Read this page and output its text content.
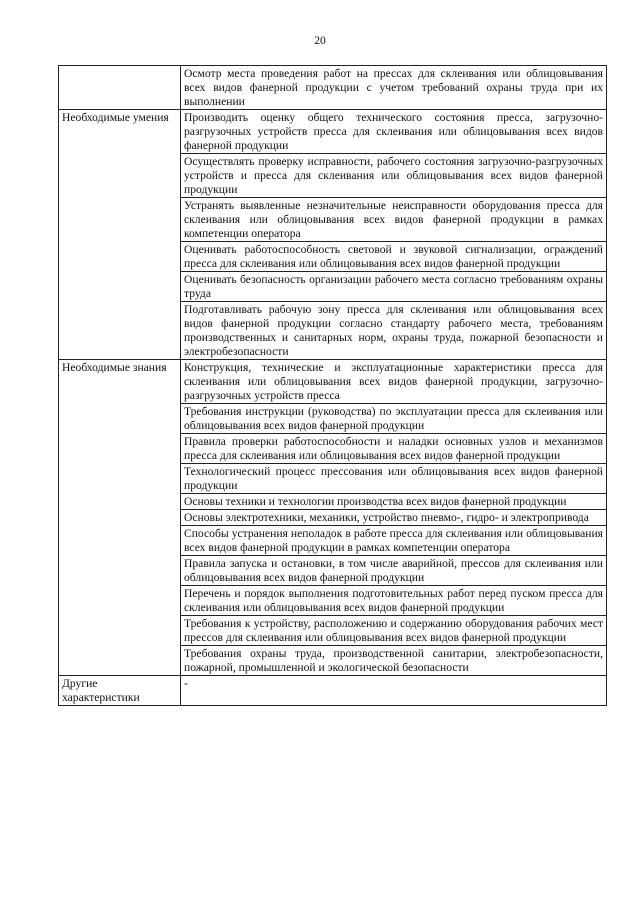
20
	Осмотр места проведения работ на прессах для склеивания или облицовывания всех видов фанерной продукции с учетом требований охраны труда при их выполнении
Необходимые умения	Производить оценку общего технического состояния пресса, загрузочно-разгрузочных устройств пресса для склеивания или облицовывания всех видов фанерной продукции
	Осуществлять проверку исправности, рабочего состояния загрузочно-разгрузочных устройств и пресса для склеивания или облицовывания всех видов фанерной продукции
	Устранять выявленные незначительные неисправности оборудования пресса для склеивания или облицовывания всех видов фанерной продукции в рамках компетенции оператора
	Оценивать работоспособность световой и звуковой сигнализации, ограждений пресса для склеивания или облицовывания всех видов фанерной продукции
	Оценивать безопасность организации рабочего места согласно требованиям охраны труда
	Подготавливать рабочую зону пресса для склеивания или облицовывания всех видов фанерной продукции согласно стандарту рабочего места, требованиям производственных и санитарных норм, охраны труда, пожарной безопасности и электробезопасности
Необходимые знания	Конструкция, технические и эксплуатационные характеристики пресса для склеивания или облицовывания всех видов фанерной продукции, загрузочно-разгрузочных устройств пресса
	Требования инструкции (руководства) по эксплуатации пресса для склеивания или облицовывания всех видов фанерной продукции
	Правила проверки работоспособности и наладки основных узлов и механизмов пресса для склеивания или облицовывания всех видов фанерной продукции
	Технологический процесс прессования или облицовывания всех видов фанерной продукции
	Основы техники и технологии производства всех видов фанерной продукции
	Основы электротехники, механики, устройство пневмо-, гидро- и электропривода
	Способы устранения неполадок в работе пресса для склеивания или облицовывания всех видов фанерной продукции в рамках компетенции оператора
	Правила запуска и остановки, в том числе аварийной, прессов для склеивания или облицовывания всех видов фанерной продукции
	Перечень и порядок выполнения подготовительных работ перед пуском пресса для склеивания или облицовывания всех видов фанерной продукции
	Требования к устройству, расположению и содержанию оборудования рабочих мест прессов для склеивания или облицовывания всех видов фанерной продукции
	Требования охраны труда, производственной санитарии, электробезопасности, пожарной, промышленной и экологической безопасности
Другие характеристики	-
